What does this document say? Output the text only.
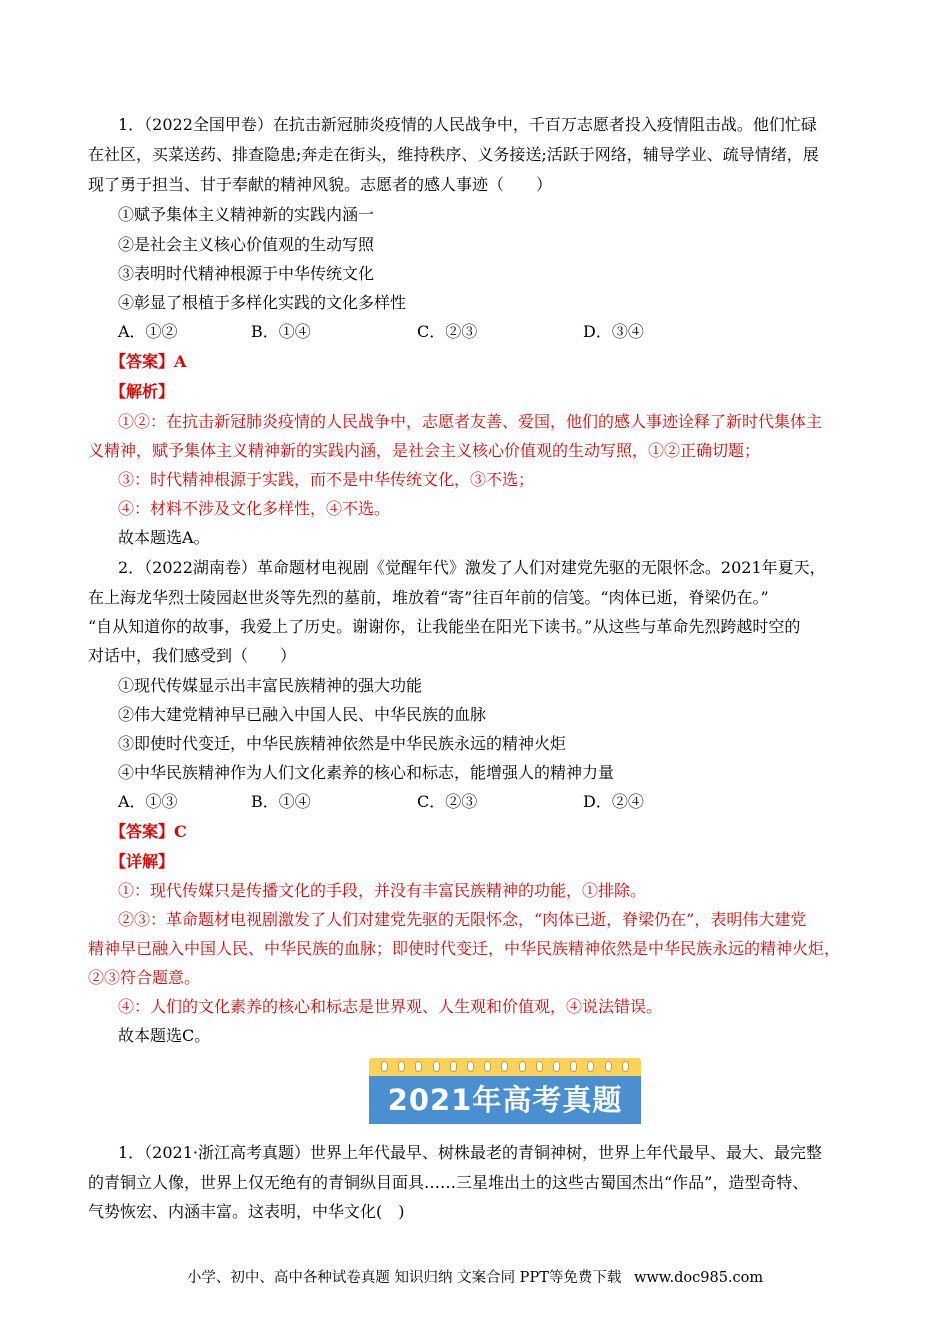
1．（2022全国甲卷）在抗击新冠肺炎疫情的人民战争中，千百万志愿者投入疫情阻击战。他们忙碌
在社区，买菜送药、排查隐患;奔走在街头，维持秩序、义务接送;活跃于网络，辅导学业、疏导情绪，展
现了勇于担当、甘于奉献的精神风貌。志愿者的感人事迹（　　）
①赋予集体主义精神新的实践内涵一
②是社会主义核心价值观的生动写照
③表明时代精神根源于中华传统文化
④彰显了根植于多样化实践的文化多样性
A．①②	B．①④	C．②③	D．③④
【答案】A
【解析】
①②：在抗击新冠肺炎疫情的人民战争中，志愿者友善、爱国，他们的感人事迹诠释了新时代集体主
义精神，赋予集体主义精神新的实践内涵，是社会主义核心价值观的生动写照，①②正确切题；
③：时代精神根源于实践，而不是中华传统文化，③不选；
④：材料不涉及文化多样性，④不选。
故本题选A。
2．（2022湖南卷）革命题材电视剧《觉醒年代》激发了人们对建党先驱的无限怀念。2021年夏天，
在上海龙华烈士陵园赵世炎等先烈的墓前，堆放着“寄”往百年前的信笺。“肉体已逝，脊梁仍在。”
“自从知道你的故事，我爱上了历史。谢谢你，让我能坐在阳光下读书。”从这些与革命先烈跨越时空的
对话中，我们感受到（　　）
①现代传媒显示出丰富民族精神的强大功能
②伟大建党精神早已融入中国人民、中华民族的血脉
③即使时代变迁，中华民族精神依然是中华民族永远的精神火炬
④中华民族精神作为人们文化素养的核心和标志，能增强人的精神力量
A．①③	B．①④	C．②③	D．②④
【答案】C
【详解】
①：现代传媒只是传播文化的手段，并没有丰富民族精神的功能，①排除。
②③：革命题材电视剧激发了人们对建党先驱的无限怀念，“肉体已逝，脊梁仍在”，表明伟大建党
精神早已融入中国人民、中华民族的血脉；即使时代变迁，中华民族精神依然是中华民族永远的精神火炬，
②③符合题意。
④：人们的文化素养的核心和标志是世界观、人生观和价值观，④说法错误。
故本题选C。
2021年高考真题
1．（2021·浙江高考真题）世界上年代最早、树株最老的青铜神树，世界上年代最早、最大、最完整
的青铜立人像，世界上仅无绝有的青铜纵目面具……三星堆出土的这些古蜀国杰出“作品”，造型奇特、
气势恢宏、内涵丰富。这表明，中华文化(　)
小学、初中、高中各种试卷真题 知识归纳 文案合同 PPT等免费下载 www.doc985.com
